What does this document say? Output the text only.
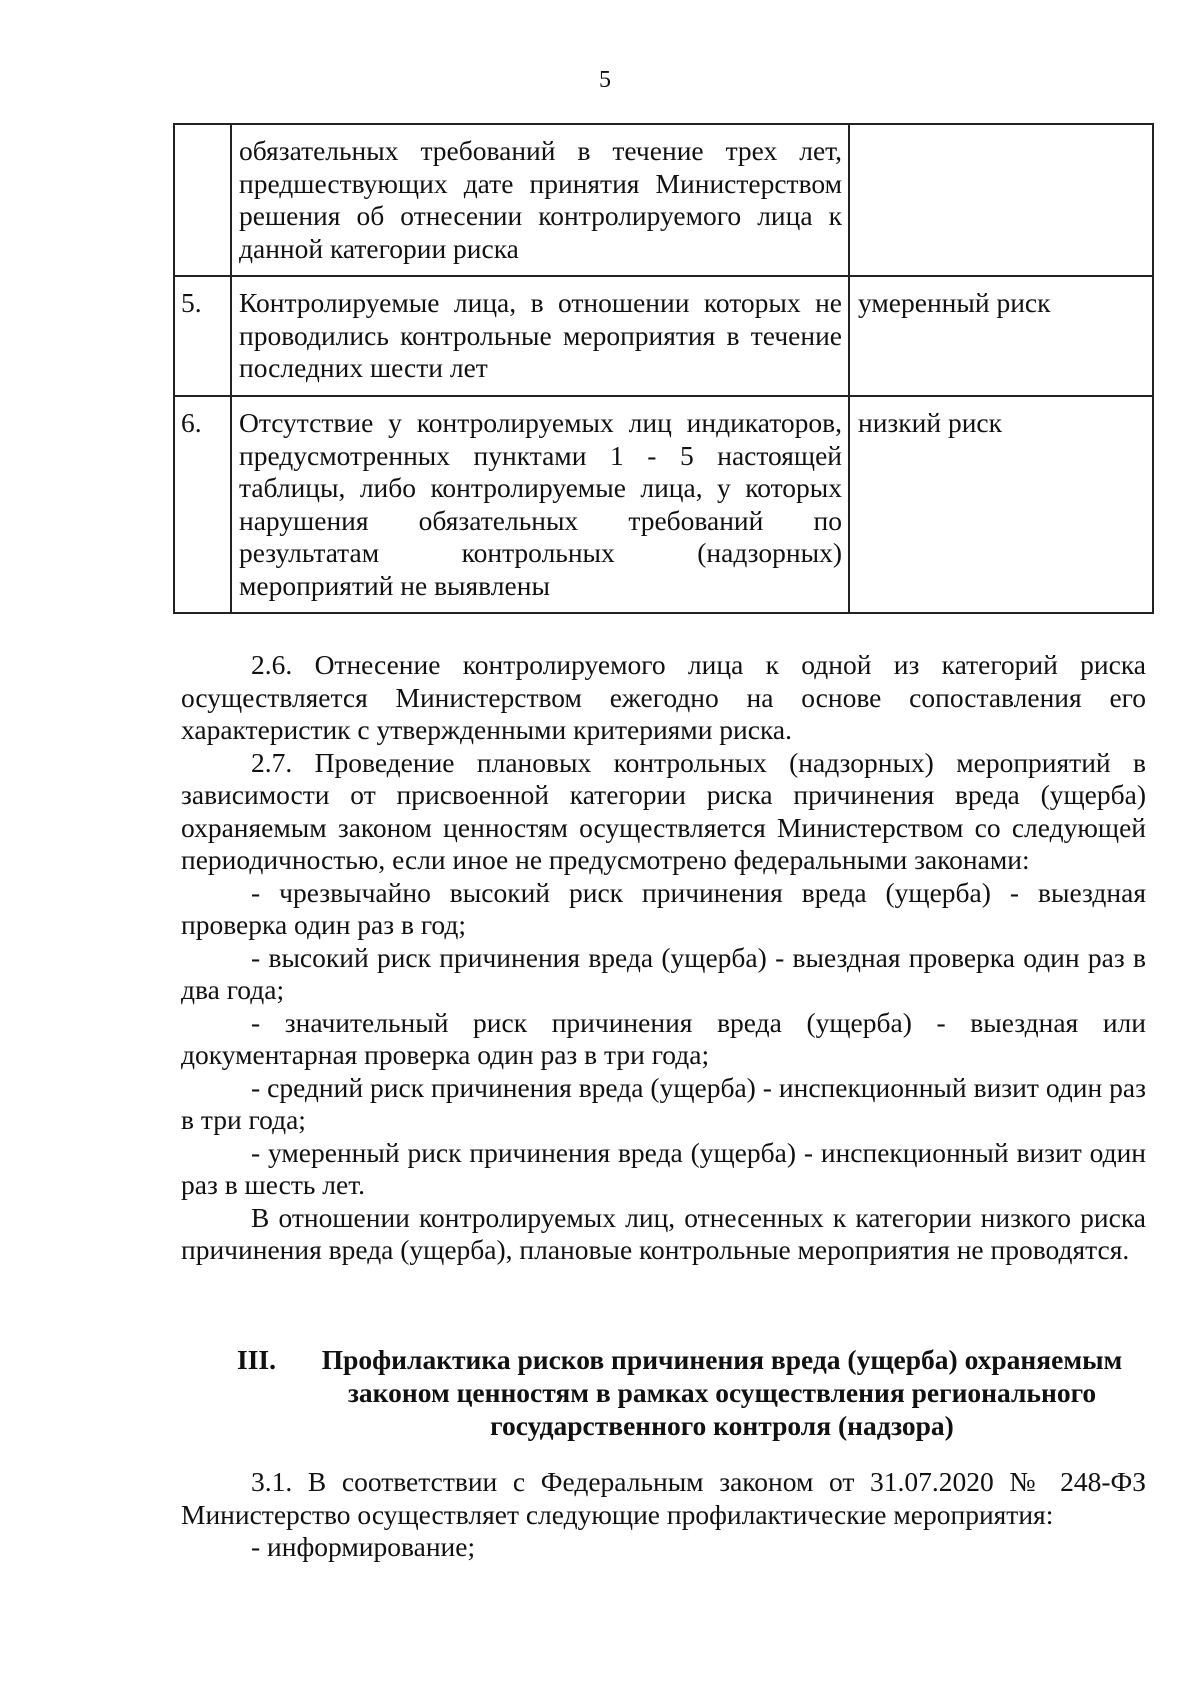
5

	обязательных требований в течение трех лет, предшествующих дате принятия Министерством решения об отнесении контролируемого лица к данной категории риска	

5.	Контролируемые лица, в отношении которых не проводились контрольные мероприятия в течение последних шести лет	умеренный риск

6.	Отсутствие у контролируемых лиц индикаторов, предусмотренных пунктами 1 - 5 настоящей таблицы, либо контролируемые лица, у которых нарушения обязательных требований по результатам контрольных (надзорных) мероприятий не выявлены	низкий риск

2.6. Отнесение контролируемого лица к одной из категорий риска осуществляется Министерством ежегодно на основе сопоставления его характеристик с утвержденными критериями риска.

2.7. Проведение плановых контрольных (надзорных) мероприятий в зависимости от присвоенной категории риска причинения вреда (ущерба) охраняемым законом ценностям осуществляется Министерством со следующей периодичностью, если иное не предусмотрено федеральными законами:

- чрезвычайно высокий риск причинения вреда (ущерба) - выездная проверка один раз в год;

- высокий риск причинения вреда (ущерба) - выездная проверка один раз в два года;

- значительный риск причинения вреда (ущерба) - выездная или документарная проверка один раз в три года;

- средний риск причинения вреда (ущерба) - инспекционный визит один раз в три года;

- умеренный риск причинения вреда (ущерба) - инспекционный визит один раз в шесть лет.

В отношении контролируемых лиц, отнесенных к категории низкого риска причинения вреда (ущерба), плановые контрольные мероприятия не проводятся.

III.	Профилактика рисков причинения вреда (ущерба) охраняемым законом ценностям в рамках осуществления регионального государственного контроля (надзора)

3.1. В соответствии с Федеральным законом от 31.07.2020 № 248-ФЗ Министерство осуществляет следующие профилактические мероприятия:

- информирование;
